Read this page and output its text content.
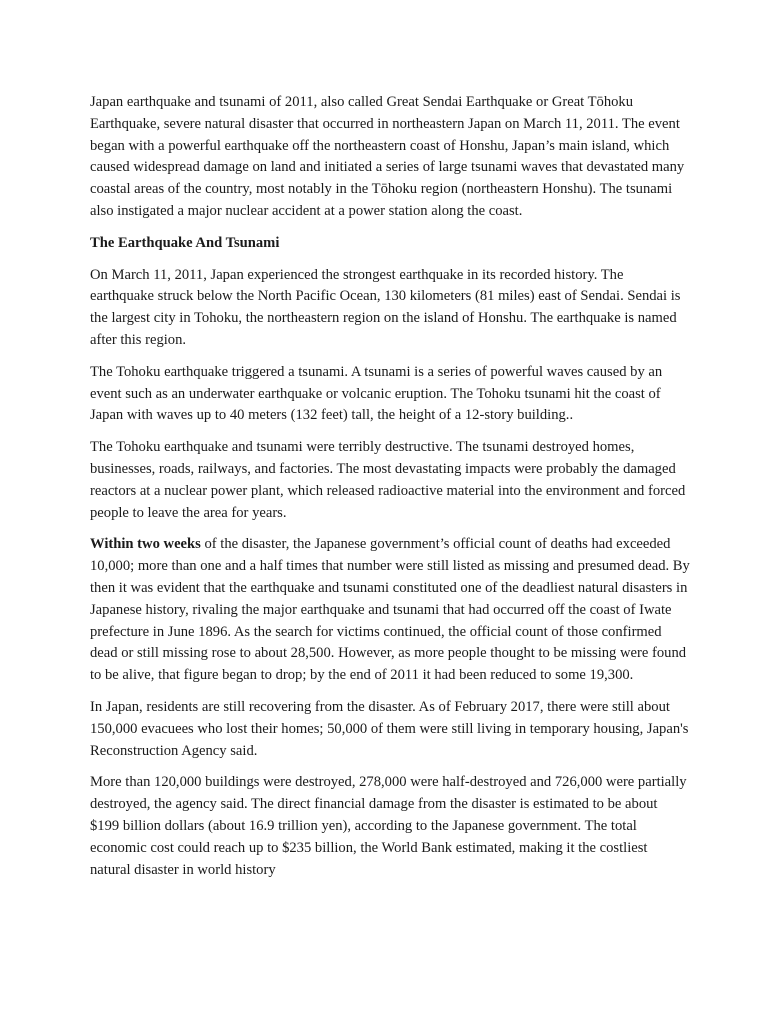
Japan earthquake and tsunami of 2011, also called Great Sendai Earthquake or Great Tōhoku Earthquake, severe natural disaster that occurred in northeastern Japan on March 11, 2011. The event began with a powerful earthquake off the northeastern coast of Honshu, Japan’s main island, which caused widespread damage on land and initiated a series of large tsunami waves that devastated many coastal areas of the country, most notably in the Tōhoku region (northeastern Honshu). The tsunami also instigated a major nuclear accident at a power station along the coast.

The Earthquake And Tsunami

On March 11, 2011, Japan experienced the strongest earthquake in its recorded history. The earthquake struck below the North Pacific Ocean, 130 kilometers (81 miles) east of Sendai. Sendai is the largest city in Tohoku, the northeastern region on the island of Honshu. The earthquake is named after this region.

The Tohoku earthquake triggered a tsunami. A tsunami is a series of powerful waves caused by an event such as an underwater earthquake or volcanic eruption. The Tohoku tsunami hit the coast of Japan with waves up to 40 meters (132 feet) tall, the height of a 12-story building..

The Tohoku earthquake and tsunami were terribly destructive. The tsunami destroyed homes, businesses, roads, railways, and factories. The most devastating impacts were probably the damaged reactors at a nuclear power plant, which released radioactive material into the environment and forced people to leave the area for years.

Within two weeks of the disaster, the Japanese government’s official count of deaths had exceeded 10,000; more than one and a half times that number were still listed as missing and presumed dead. By then it was evident that the earthquake and tsunami constituted one of the deadliest natural disasters in Japanese history, rivaling the major earthquake and tsunami that had occurred off the coast of Iwate prefecture in June 1896. As the search for victims continued, the official count of those confirmed dead or still missing rose to about 28,500. However, as more people thought to be missing were found to be alive, that figure began to drop; by the end of 2011 it had been reduced to some 19,300.

In Japan, residents are still recovering from the disaster. As of February 2017, there were still about 150,000 evacuees who lost their homes; 50,000 of them were still living in temporary housing, Japan's Reconstruction Agency said.

More than 120,000 buildings were destroyed, 278,000 were half-destroyed and 726,000 were partially destroyed, the agency said. The direct financial damage from the disaster is estimated to be about $199 billion dollars (about 16.9 trillion yen), according to the Japanese government. The total economic cost could reach up to $235 billion, the World Bank estimated, making it the costliest natural disaster in world history
